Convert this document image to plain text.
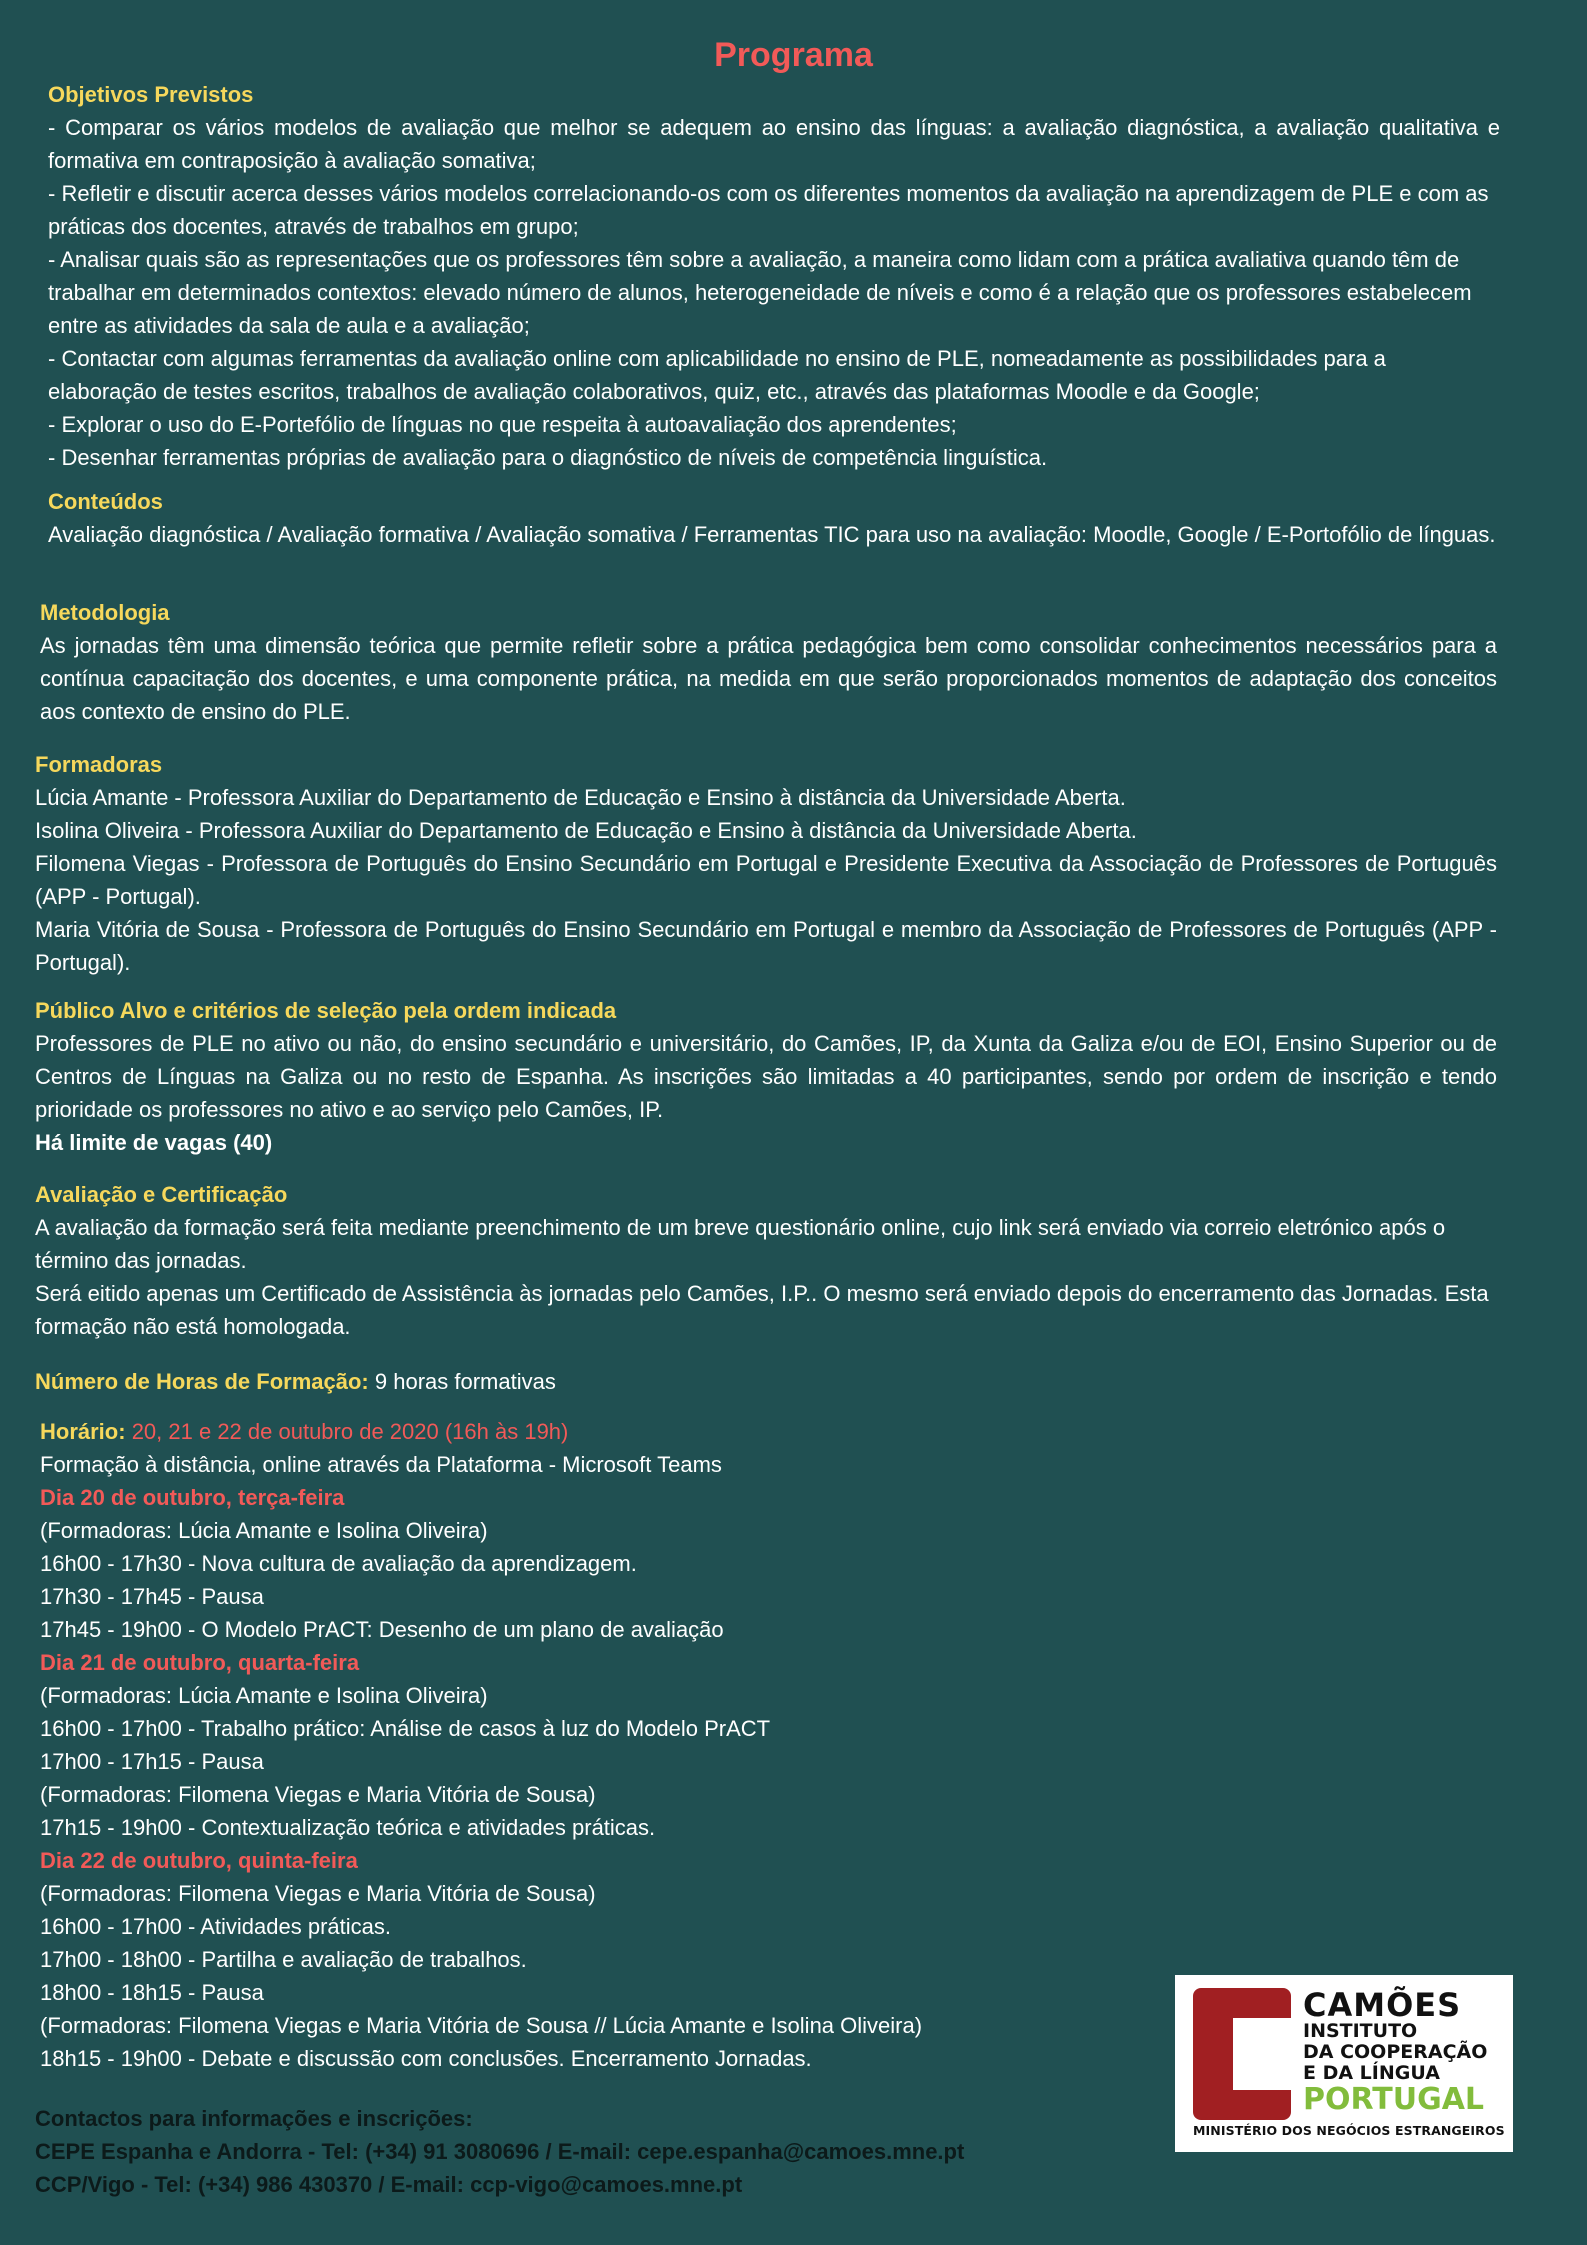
Programa
Objetivos Previstos
- Comparar os vários modelos de avaliação que melhor se adequem ao ensino das línguas: a avaliação diagnóstica, a avaliação qualitativa e formativa em contraposição à avaliação somativa;
- Refletir e discutir acerca desses vários modelos correlacionando-os com os diferentes momentos da avaliação na aprendizagem de PLE e com as práticas dos docentes, através de trabalhos em grupo;
- Analisar quais são as representações que os professores têm sobre a avaliação, a maneira como lidam com a prática avaliativa quando têm de trabalhar em determinados contextos: elevado número de alunos, heterogeneidade de níveis e como é a relação que os professores estabelecem entre as atividades da sala de aula e a avaliação;
- Contactar com algumas ferramentas da avaliação online com aplicabilidade no ensino de PLE, nomeadamente as possibilidades para a elaboração de testes escritos, trabalhos de avaliação colaborativos, quiz, etc., através das plataformas Moodle e da Google;
- Explorar o uso do E-Portefólio de línguas no que respeita à autoavaliação dos aprendentes;
- Desenhar ferramentas próprias de avaliação para o diagnóstico de níveis de competência linguística.
Conteúdos
Avaliação diagnóstica / Avaliação formativa / Avaliação somativa / Ferramentas TIC para uso na avaliação: Moodle, Google / E-Portofólio de línguas.
Metodologia
As jornadas têm uma dimensão teórica que permite refletir sobre a prática pedagógica bem como consolidar conhecimentos necessários para a contínua capacitação dos docentes, e uma componente prática, na medida em que serão proporcionados momentos de adaptação dos conceitos aos contexto de ensino do PLE.
Formadoras
Lúcia Amante - Professora Auxiliar do Departamento de Educação e Ensino à distância da Universidade Aberta.
Isolina Oliveira - Professora Auxiliar do Departamento de Educação e Ensino à distância da Universidade Aberta.
Filomena Viegas - Professora de Português do Ensino Secundário em Portugal e Presidente Executiva da Associação de Professores de Português (APP - Portugal).
Maria Vitória de Sousa - Professora de Português do Ensino Secundário em Portugal e membro da Associação de Professores de Português (APP - Portugal).
Público Alvo e critérios de seleção pela ordem indicada
Professores de PLE no ativo ou não, do ensino secundário e universitário, do Camões, IP, da Xunta da Galiza e/ou de EOI, Ensino Superior ou de Centros de Línguas na Galiza ou no resto de Espanha. As inscrições são limitadas a 40 participantes, sendo por ordem de inscrição e tendo prioridade os professores no ativo e ao serviço pelo Camões, IP.
Há limite de vagas (40)
Avaliação e Certificação
A avaliação da formação será feita mediante preenchimento de um breve questionário online, cujo link será enviado via correio eletrónico após o término das jornadas.
Será eitido apenas um Certificado de Assistência às jornadas pelo Camões, I.P.. O mesmo será enviado depois do encerramento das Jornadas. Esta formação não está homologada.
Número de Horas de Formação: 9 horas formativas
Horário: 20, 21 e 22 de outubro de 2020 (16h às 19h)
Formação à distância, online através da Plataforma - Microsoft Teams
Dia 20 de outubro, terça-feira
(Formadoras: Lúcia Amante e Isolina Oliveira)
16h00 - 17h30 - Nova cultura de avaliação da aprendizagem.
17h30 - 17h45 - Pausa
17h45 - 19h00 - O Modelo PrACT: Desenho de um plano de avaliação
Dia 21 de outubro, quarta-feira
(Formadoras: Lúcia Amante e Isolina Oliveira)
16h00 - 17h00 - Trabalho prático: Análise de casos à luz do Modelo PrACT
17h00 - 17h15 - Pausa
(Formadoras: Filomena Viegas e Maria Vitória de Sousa)
17h15 - 19h00 - Contextualização teórica e atividades práticas.
Dia 22 de outubro, quinta-feira
(Formadoras: Filomena Viegas e Maria Vitória de Sousa)
16h00 - 17h00 - Atividades práticas.
17h00 - 18h00 - Partilha e avaliação de trabalhos.
18h00 - 18h15 - Pausa
(Formadoras: Filomena Viegas e Maria Vitória de Sousa // Lúcia Amante e Isolina Oliveira)
18h15 - 19h00 - Debate e discussão com conclusões. Encerramento Jornadas.
Contactos para informações e inscrições:
CEPE Espanha e Andorra - Tel: (+34) 91 3080696 / E-mail: cepe.espanha@camoes.mne.pt
CCP/Vigo - Tel: (+34) 986 430370 / E-mail: ccp-vigo@camoes.mne.pt
CAMÕES
INSTITUTO
DA COOPERAÇÃO
E DA LÍNGUA
PORTUGAL
MINISTÉRIO DOS NEGÓCIOS ESTRANGEIROS
